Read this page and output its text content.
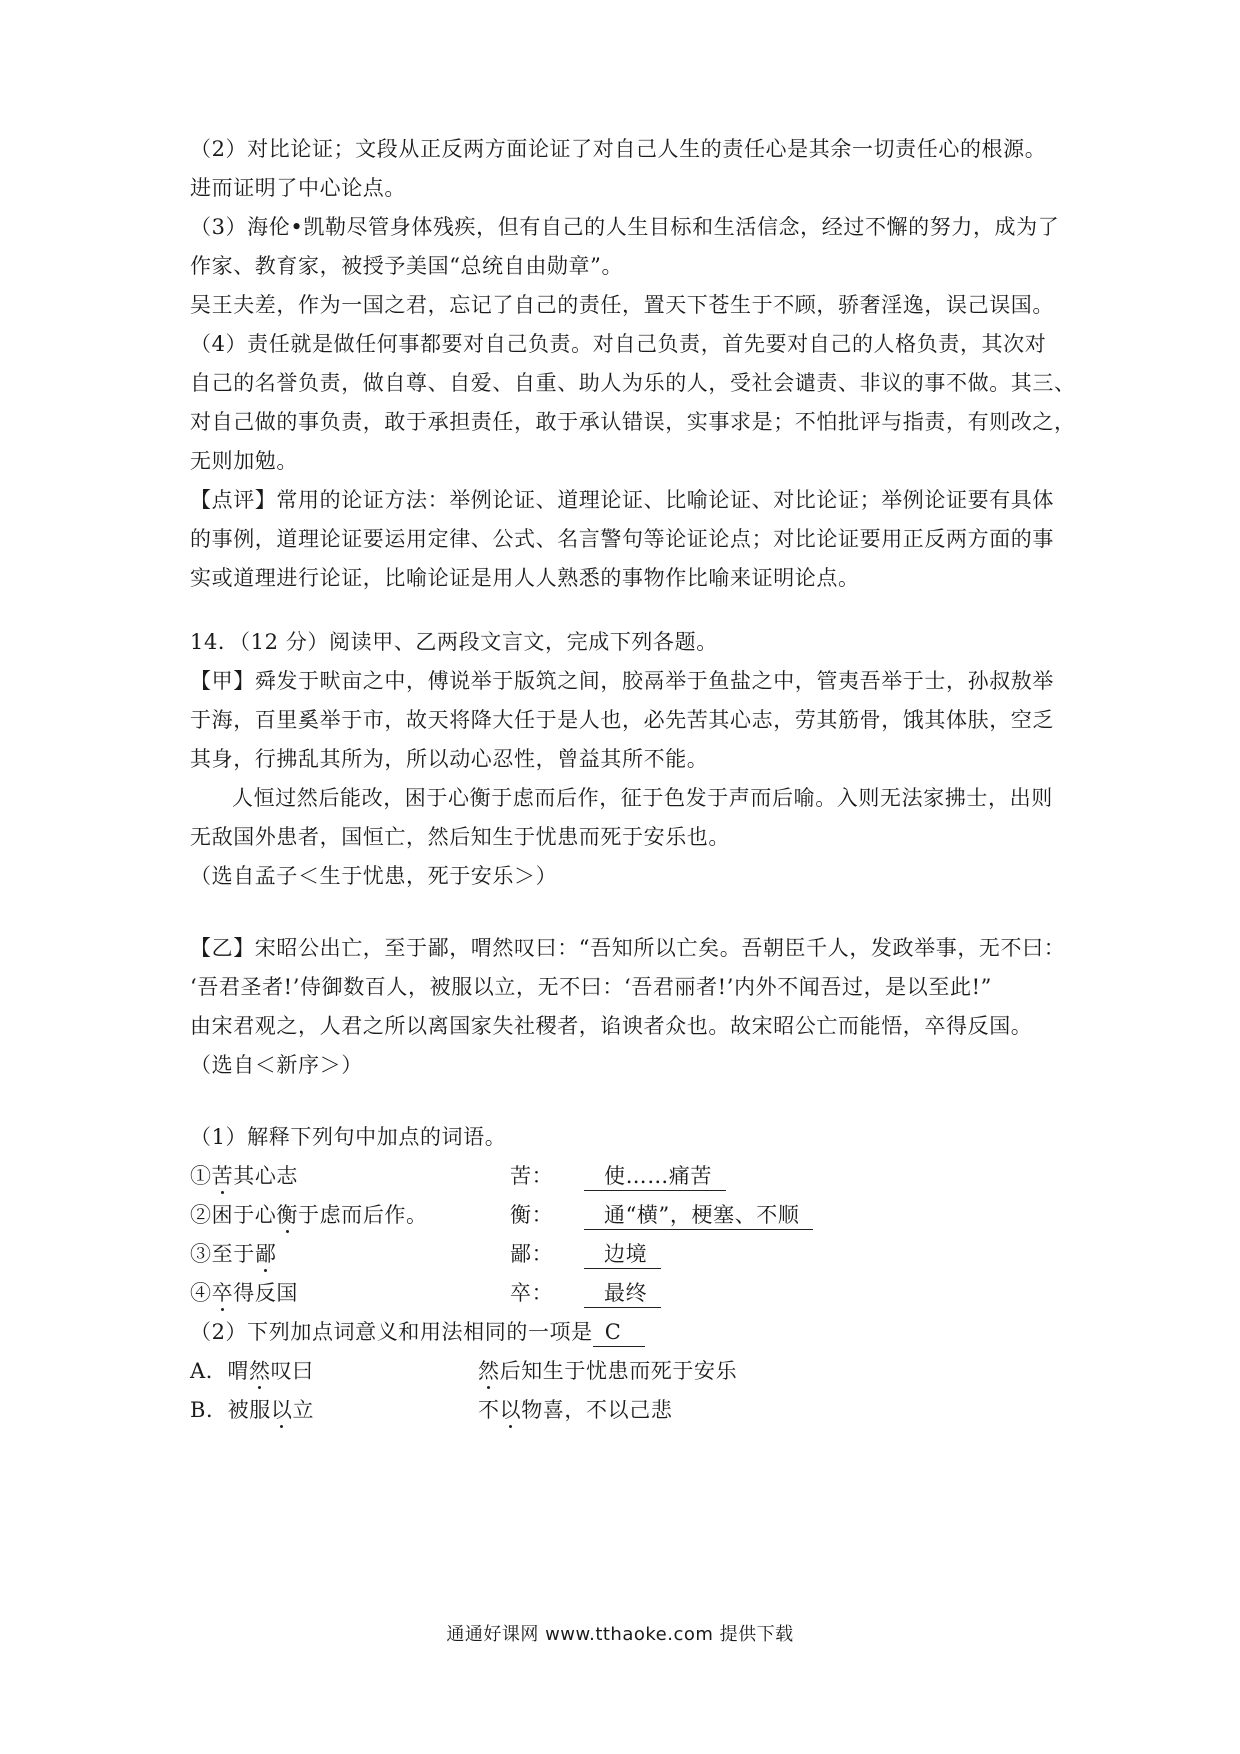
（2）对比论证；文段从正反两方面论证了对自己人生的责任心是其余一切责任心的根源。
进而证明了中心论点。
（3）海伦•凯勒尽管身体残疾，但有自己的人生目标和生活信念，经过不懈的努力，成为了
作家、教育家，被授予美国“总统自由勋章”。
吴王夫差，作为一国之君，忘记了自己的责任，置天下苍生于不顾，骄奢淫逸，误己误国。
（4）责任就是做任何事都要对自己负责。对自己负责，首先要对自己的人格负责，其次对
自己的名誉负责，做自尊、自爱、自重、助人为乐的人，受社会谴责、非议的事不做。其三、
对自己做的事负责，敢于承担责任，敢于承认错误，实事求是；不怕批评与指责，有则改之，
无则加勉。
【点评】常用的论证方法：举例论证、道理论证、比喻论证、对比论证；举例论证要有具体
的事例，道理论证要运用定律、公式、名言警句等论证论点；对比论证要用正反两方面的事
实或道理进行论证，比喻论证是用人人熟悉的事物作比喻来证明论点。
14．（12 分）阅读甲、乙两段文言文，完成下列各题。
【甲】舜发于畎亩之中，傅说举于版筑之间，胶鬲举于鱼盐之中，管夷吾举于士，孙叔敖举
于海，百里奚举于市，故天将降大任于是人也，必先苦其心志，劳其筋骨，饿其体肤，空乏
其身，行拂乱其所为，所以动心忍性，曾益其所不能。
人恒过然后能改，困于心衡于虑而后作，征于色发于声而后喻。入则无法家拂士，出则
无敌国外患者，国恒亡，然后知生于忧患而死于安乐也。
（选自孟子＜生于忧患，死于安乐＞）
【乙】宋昭公出亡，至于鄙，喟然叹曰：“吾知所以亡矣。吾朝臣千人，发政举事，无不曰：
‘吾君圣者!’侍御数百人，被服以立，无不曰：‘吾君丽者!’内外不闻吾过，是以至此!”
由宋君观之，人君之所以离国家失社稷者，谄谀者众也。故宋昭公亡而能悟，卒得反国。
（选自＜新序＞）
（1）解释下列句中加点的词语。
①苦其心志	苦：	使……痛苦
②困于心衡于虑而后作。	衡：	通“横”，梗塞、不顺
③至于鄙	鄙：	边境
④卒得反国	卒：	最终
（2）下列加点词意义和用法相同的一项是 C
A．喟然叹曰	然后知生于忧患而死于安乐
B．被服以立	不以物喜，不以己悲
通通好课网 www.tthaoke.com 提供下载
